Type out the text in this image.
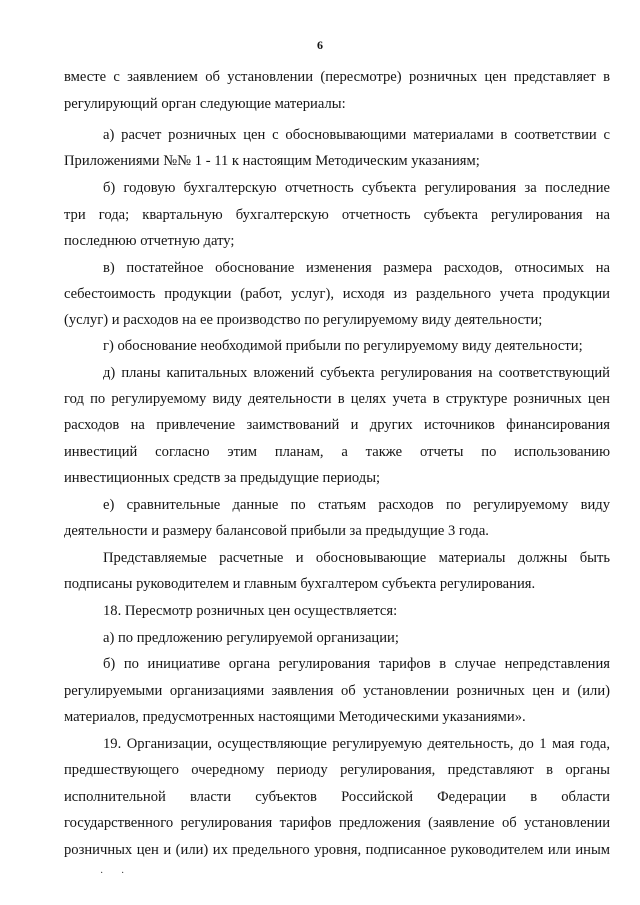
6
вместе с заявлением об установлении (пересмотре) розничных цен представляет в
регулирующий орган следующие материалы:
а) расчет розничных цен с обосновывающими материалами в соответствии с
Приложениями №№ 1 - 11 к настоящим Методическим указаниям;
б) годовую бухгалтерскую отчетность субъекта регулирования за последние
три года; квартальную бухгалтерскую отчетность субъекта регулирования на
последнюю отчетную дату;
в) постатейное обоснование изменения размера расходов, относимых на
себестоимость продукции (работ, услуг), исходя из раздельного учета продукции
(услуг) и расходов на ее производство по регулируемому виду деятельности;
г) обоснование необходимой прибыли по регулируемому виду деятельности;
д) планы капитальных вложений субъекта регулирования на соответствующий
год по регулируемому виду деятельности в целях учета в структуре розничных цен
расходов на привлечение заимствований и других источников финансирования
инвестиций согласно этим планам, а также отчеты по использованию
инвестиционных средств за предыдущие периоды;
е) сравнительные данные по статьям расходов по регулируемому виду
деятельности и размеру балансовой прибыли за предыдущие 3 года.
Представляемые расчетные и обосновывающие материалы должны быть
подписаны руководителем и главным бухгалтером субъекта регулирования.
18. Пересмотр розничных цен осуществляется:
а) по предложению регулируемой организации;
б) по инициативе органа регулирования тарифов в случае непредставления
регулируемыми организациями заявления об установлении розничных цен и (или)
материалов, предусмотренных настоящими Методическими указаниями».
19. Организации, осуществляющие регулируемую деятельность, до 1 мая года,
предшествующего очередному периоду регулирования, представляют в органы
исполнительной власти субъектов Российской Федерации в области
государственного регулирования тарифов предложения (заявление об установлении
розничных цен и (или) их предельного уровня, подписанное руководителем или иным
· ·
